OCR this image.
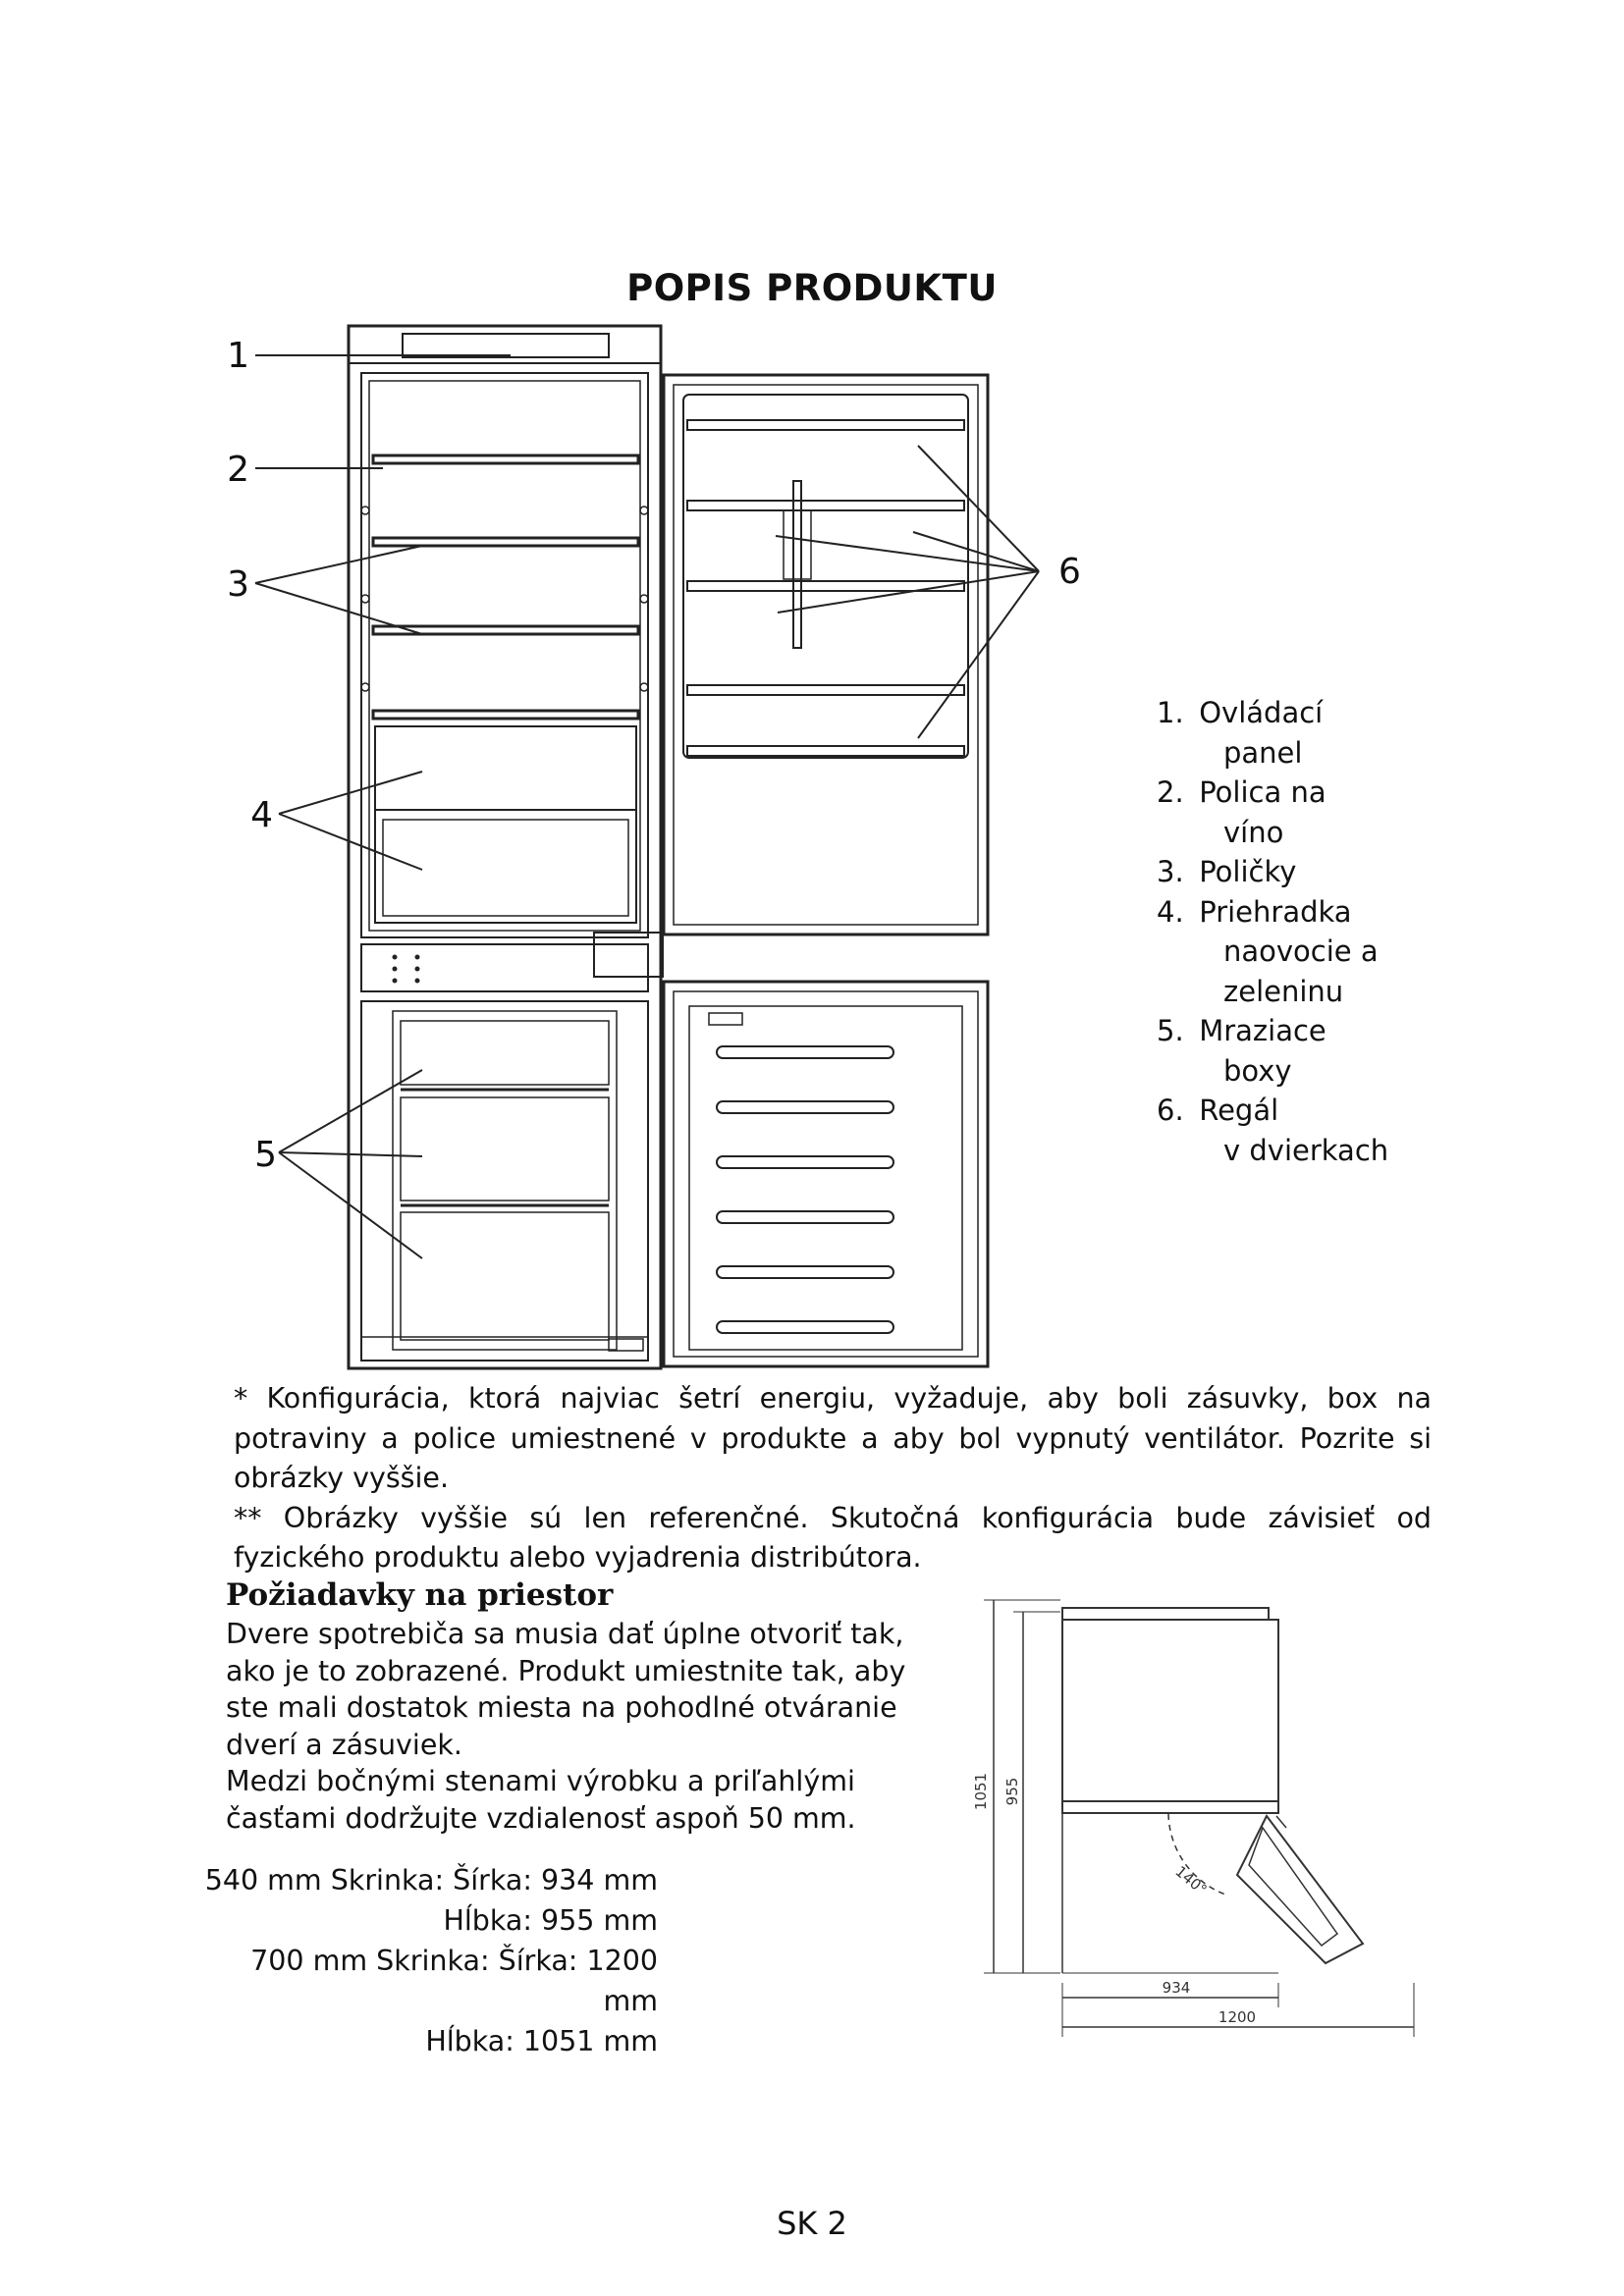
POPIS PRODUKTU
1
2
3
4
5
6
1. Ovládací
panel
2. Polica na
víno
3. Poličky
4. Priehradka
naovocie a
zeleninu
5. Mraziace
boxy
6. Regál
v dvierkach

* Konfigurácia, ktorá najviac šetrí energiu, vyžaduje, aby boli zásuvky, box na potraviny a police umiestnené v produkte a aby bol vypnutý ventilátor. Pozrite si obrázky vyššie.

** Obrázky vyššie sú len referenčné. Skutočná konfigurácia bude závisieť od fyzického produktu alebo vyjadrenia distribútora.

Požiadavky na priestor

Dvere spotrebiča sa musia dať úplne otvoriť tak, ako je to zobrazené. Produkt umiestnite tak, aby ste mali dostatok miesta na pohodlné otváranie dverí a zásuviek.

Medzi bočnými stenami výrobku a priľahlými časťami dodržujte vzdialenosť aspoň 50 mm.

540 mm Skrinka: Šírka: 934 mm
Hĺbka: 955 mm
700 mm Skrinka: Šírka: 1200 mm
Hĺbka: 1051 mm
1051 955
934
1200
140°
SK 2
